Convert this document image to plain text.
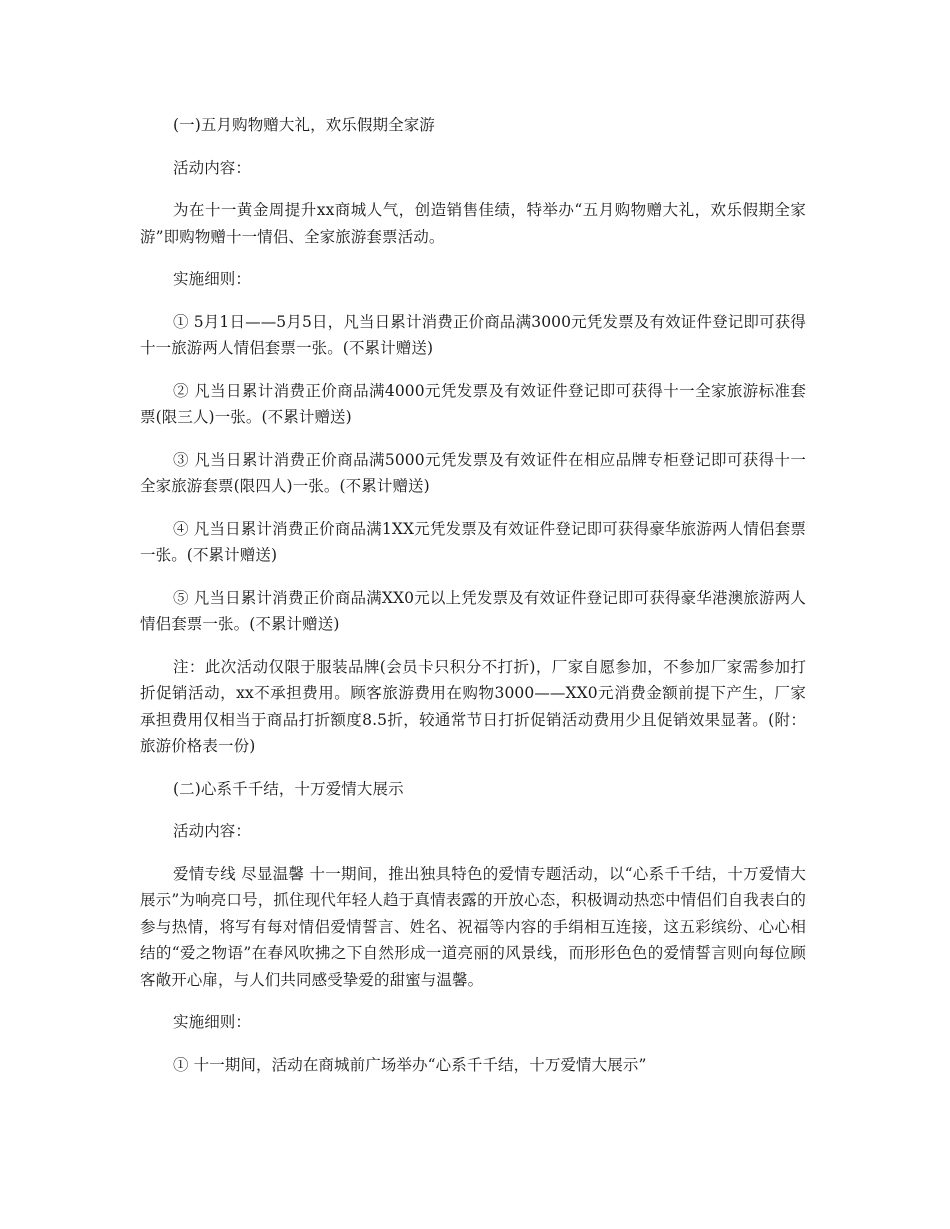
(一)五月购物赠大礼，欢乐假期全家游

活动内容：

为在十一黄金周提升xx商城人气，创造销售佳绩，特举办“五月购物赠大礼，欢乐假期全家游”即购物赠十一情侣、全家旅游套票活动。

实施细则：

① 5月1日——5月5日，凡当日累计消费正价商品满3000元凭发票及有效证件登记即可获得十一旅游两人情侣套票一张。(不累计赠送)

② 凡当日累计消费正价商品满4000元凭发票及有效证件登记即可获得十一全家旅游标准套票(限三人)一张。(不累计赠送)

③ 凡当日累计消费正价商品满5000元凭发票及有效证件在相应品牌专柜登记即可获得十一全家旅游套票(限四人)一张。(不累计赠送)

④ 凡当日累计消费正价商品满1XX元凭发票及有效证件登记即可获得豪华旅游两人情侣套票一张。(不累计赠送)

⑤ 凡当日累计消费正价商品满XX0元以上凭发票及有效证件登记即可获得豪华港澳旅游两人情侣套票一张。(不累计赠送)

注：此次活动仅限于服装品牌(会员卡只积分不打折)，厂家自愿参加，不参加厂家需参加打折促销活动，xx不承担费用。顾客旅游费用在购物3000——XX0元消费金额前提下产生，厂家承担费用仅相当于商品打折额度8.5折，较通常节日打折促销活动费用少且促销效果显著。(附：旅游价格表一份)

(二)心系千千结，十万爱情大展示

活动内容：

爱情专线 尽显温馨 十一期间，推出独具特色的爱情专题活动，以“心系千千结，十万爱情大展示”为响亮口号，抓住现代年轻人趋于真情表露的开放心态，积极调动热恋中情侣们自我表白的参与热情，将写有每对情侣爱情誓言、姓名、祝福等内容的手绢相互连接，这五彩缤纷、心心相结的“爱之物语”在春风吹拂之下自然形成一道亮丽的风景线，而形形色色的爱情誓言则向每位顾客敞开心扉，与人们共同感受挚爱的甜蜜与温馨。

实施细则：

① 十一期间，活动在商城前广场举办“心系千千结，十万爱情大展示”
